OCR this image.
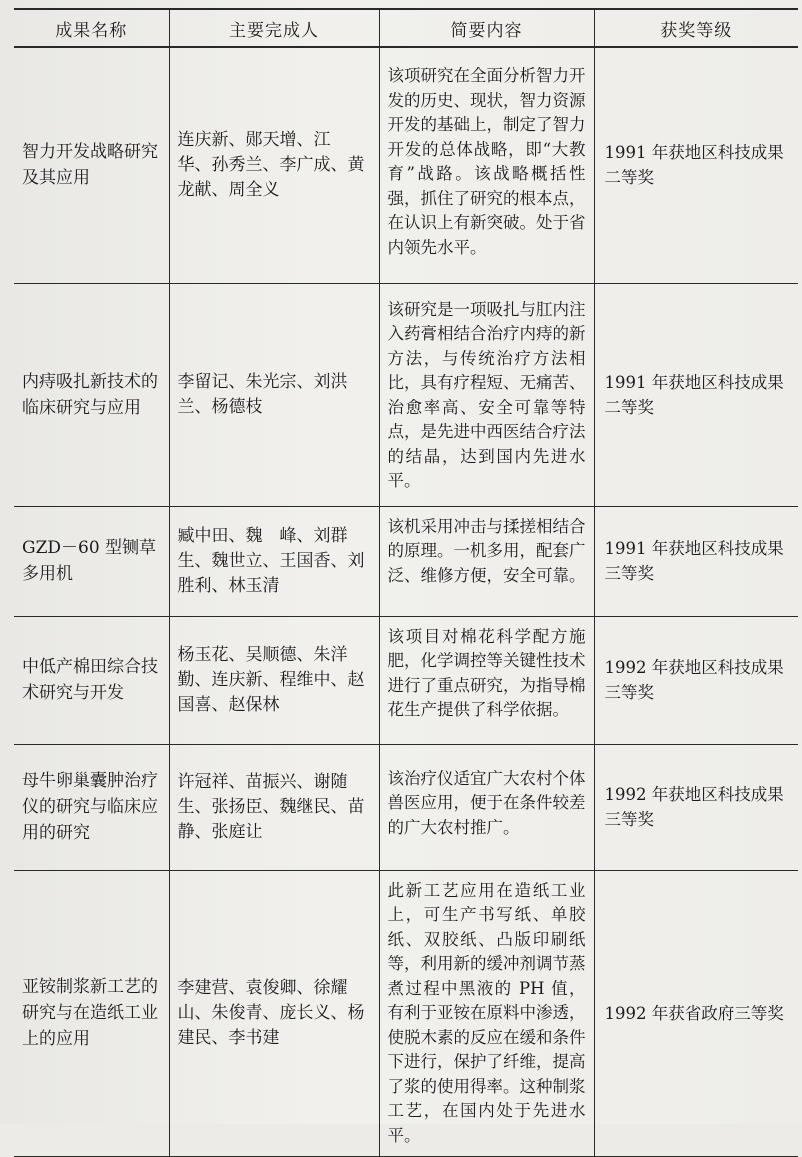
成果名称	主要完成人	简要内容	获奖等级
智力开发战略研究及其应用	连庆新、郧天增、江　华、孙秀兰、李广成、黄龙献、周全义	该项研究在全面分析智力开发的历史、现状，智力资源开发的基础上，制定了智力开发的总体战略，即“大教育”战路。该战略概括性强，抓住了研究的根本点，在认识上有新突破。处于省内领先水平。	1991 年获地区科技成果二等奖
内痔吸扎新技术的临床研究与应用	李留记、朱光宗、刘洪兰、杨德枝	该研究是一项吸扎与肛内注入药膏相结合治疗内痔的新方法，与传统治疗方法相比，具有疗程短、无痛苦、治愈率高、安全可靠等特点，是先进中西医结合疗法的结晶，达到国内先进水平。	1991 年获地区科技成果二等奖
GZD－60 型铡草多用机	臧中田、魏　峰、刘群生、魏世立、王国香、刘胜利、林玉清	该机采用冲击与揉搓相结合的原理。一机多用，配套广泛、维修方便，安全可靠。	1991 年获地区科技成果三等奖
中低产棉田综合技术研究与开发	杨玉花、吴顺德、朱洋勤、连庆新、程维中、赵国喜、赵保林	该项目对棉花科学配方施肥，化学调控等关键性技术进行了重点研究，为指导棉花生产提供了科学依据。	1992 年获地区科技成果三等奖
母牛卵巢囊肿治疗仪的研究与临床应用的研究	许冠祥、苗振兴、谢随生、张扬臣、魏继民、苗　静、张庭让	该治疗仪适宜广大农村个体兽医应用，便于在条件较差的广大农村推广。	1992 年获地区科技成果三等奖
亚铵制浆新工艺的研究与在造纸工业上的应用	李建营、袁俊卿、徐耀山、朱俊青、庞长义、杨建民、李书建	此新工艺应用在造纸工业上，可生产书写纸、单胶纸、双胶纸、凸版印刷纸等，利用新的缓冲剂调节蒸煮过程中黑液的 PH 值，有利于亚铵在原料中渗透，使脱木素的反应在缓和条件下进行，保护了纤维，提高了浆的使用得率。这种制浆工艺，在国内处于先进水平。	1992 年获省政府三等奖
